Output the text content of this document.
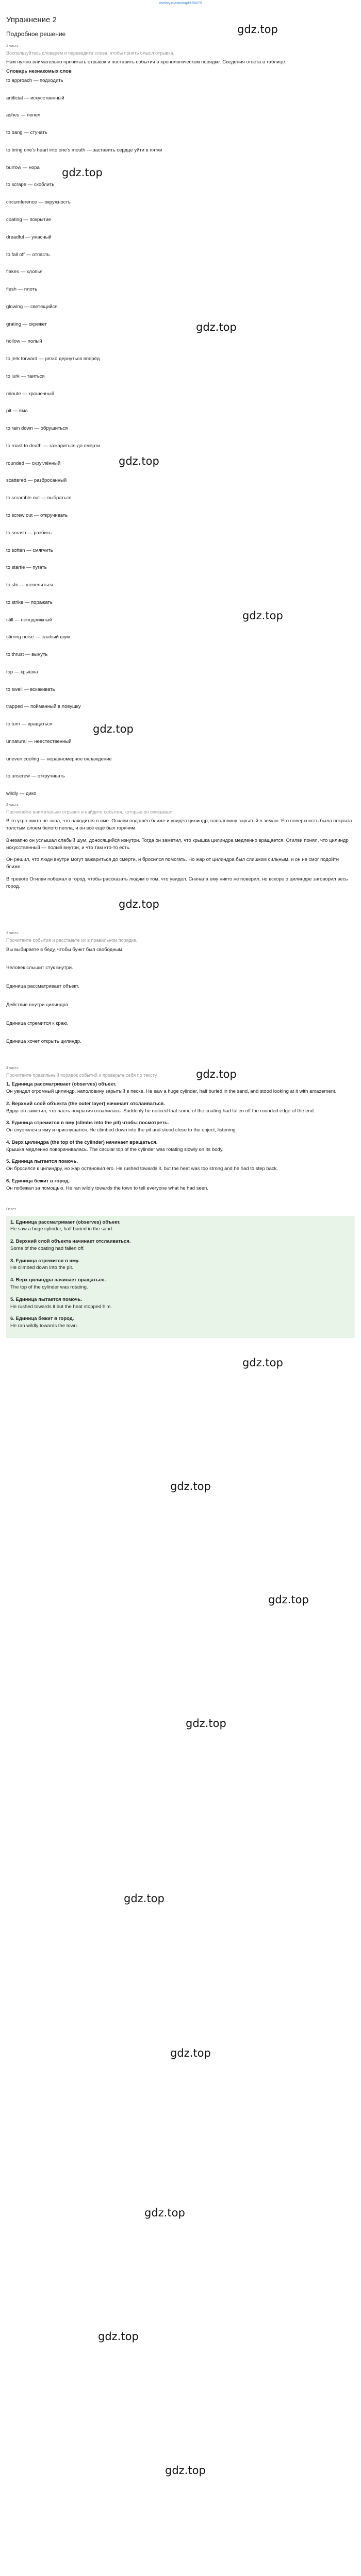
realisty.ru/catalog/id-56879
gdz.top
gdz.top
gdz.top
gdz.top
gdz.top
gdz.top
gdz.top
gdz.top
gdz.top
gdz.top
gdz.top
gdz.top
gdz.top
gdz.top
gdz.top
gdz.top
gdz.top
Упражнение 2
Подробное решение
1 часть
Воспользуйтесь словарём и переведите слова, чтобы понять смысл отрывка.
Нам нужно внимательно прочитать отрывок и поставить события в хронологическом порядке. Сведения ответа в таблице.
Словарь незнакомых слов
to approach — подходить
artificial — искусственный
ashes — пепел
to bang — стучать
to bring one’s heart into one’s mouth — заставить сердце уйти в пятки
burrow — нора
to scrape — скоблить
circumference — окружность
coating — покрытие
dreadful — ужасный
to fall off — отпасть
flakes — хлопья
flesh — плоть
glowing — светящийся
grating — скрежет
hollow — полый
to jerk forward — резко дернуться вперёд
to lurk — таиться
minute — крошечный
pit — яма
to rain down — обрушиться
to roast to death — зажариться до смерти
rounded — скруглённый
scattered — разбросанный
to scramble out — выбраться
to screw out — откручивать
to smash — разбить
to soften — смягчить
to startle — пугать
to stir — шевелиться
to strike — поражать
still — неподвижный
stirring noise — слабый шум
to thrust — вынуть
top — крышка
to swell — вскакивать
trapped — пойманный в ловушку
to turn — вращаться
unnatural — неестественный
uneven cooling — неравномерное охлаждение
to unscrew — откручивать
wildly — дико
2 часть
Прочитайте внимательно отрывок и найдите события, которые он описывает.

В то утро никто не знал, что находится в яме. Огилви подошёл ближе и увидел цилиндр, наполовину зарытый в землю. Его поверхность была покрыта толстым слоем белого пепла, и он всё ещё был горячим.

Внезапно он услышал слабый шум, доносящийся изнутри. Тогда он заметил, что крышка цилиндра медленно вращается. Огилви понял, что цилиндр искусственный — полый внутри, и что там кто-то есть.

Он решил, что люди внутри могут зажариться до смерти, и бросился помогать. Но жар от цилиндра был слишком сильным, и он не смог подойти ближе.

В тревоге Огилви побежал в город, чтобы рассказать людям о том, что увидел. Сначала ему никто не поверил, но вскоре о цилиндре заговорил весь город.

3 часть
Прочитайте события и расставьте их в правильном порядке.
Вы выбираете в беду, чтобы бункт был свободным.
Человек слышит стук внутри.
Единица рассматривает объект.
Действие внутри цилиндра.
Единица стремится к краю.
Единица хочет открыть цилиндр.
4 часть
Прочитайте правильный порядок событий и проверьте себя по тексту.
1. Единица рассматривает (observes) объект.
Он увидел огромный цилиндр, наполовину зарытый в песке. He saw a huge cylinder, half buried in the sand, and stood looking at it with amazement.
2. Верхний слой объекта (the outer layer) начинает отслаиваться.
Вдруг он заметил, что часть покрытия отвалилась. Suddenly he noticed that some of the coating had fallen off the rounded edge of the end.
3. Единица стремится в яму (climbs into the pit) чтобы посмотреть.
Он спустился в яму и прислушался. He climbed down into the pit and stood close to the object, listening.
4. Верх цилиндра (the top of the cylinder) начинает вращаться.
Крышка медленно поворачивалась. The circular top of the cylinder was rotating slowly on its body.
5. Единица пытается помочь.
Он бросился к цилиндру, но жар остановил его. He rushed towards it, but the heat was too strong and he had to step back.
6. Единица бежит в город.
Он побежал за помощью. He ran wildly towards the town to tell everyone what he had seen.
Ответ
1. Единица рассматривает (observes) объект.
He saw a huge cylinder, half buried in the sand.
2. Верхний слой объекта начинает отслаиваться.
Some of the coating had fallen off.
3. Единица стремится в яму.
He climbed down into the pit.
4. Верх цилиндра начинает вращаться.
The top of the cylinder was rotating.
5. Единица пытается помочь.
He rushed towards it but the heat stopped him.
6. Единица бежит в город.
He ran wildly towards the town.
